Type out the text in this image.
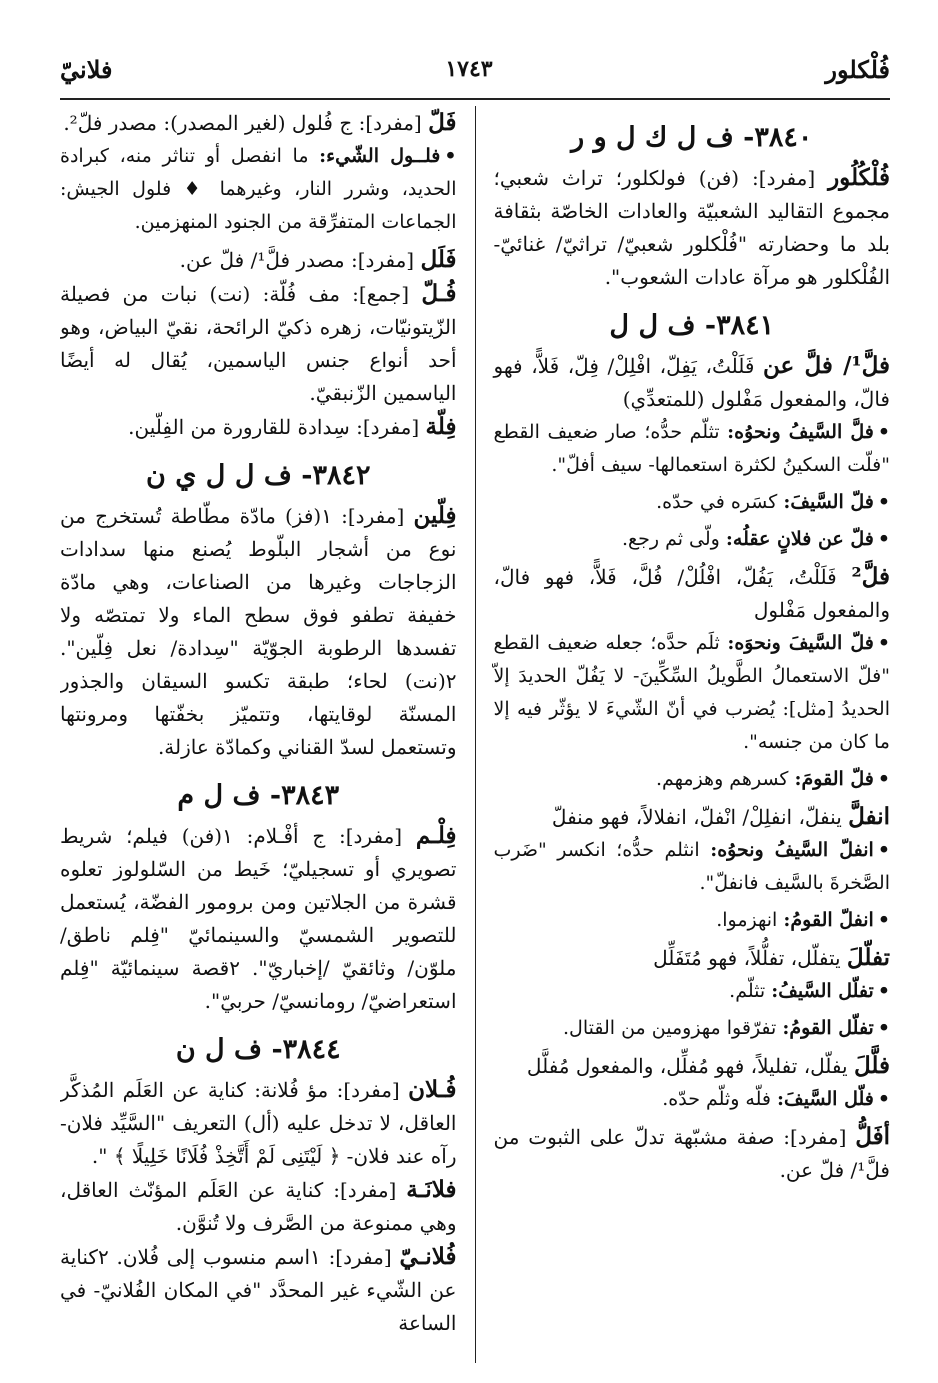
فُلْكلور
١٧٤٣
فلانيّ
٣٨٤٠- ف ل ك ل و ر

فُلْكُلُور [مفرد]: (فن) فولكلور؛ تراث شعبي؛ مجموع التقاليد الشعبيّة والعادات الخاصّة بثقافة بلد ما وحضارته "فُلْكلور شعبيّ/ تراثيّ/ غنائيّ- الفُلْكلور هو مرآة عادات الشعوب".

٣٨٤١- ف ل ل

فلَّ¹/ فلَّ عن فَلَلْتُ، يَفِلّ، افْلِلْ/ فِلّ، فَلاًّ، فهو فالّ، والمفعول مَفْلول (للمتعدِّي)

•فلَّ السَّيفُ ونحوُه: تثلّم حدُّه؛ صار ضعيف القطع "فلّت السكينُ لكثرة استعمالها- سيف أفلّ".

•فلّ السَّيفَ: كسَره في حدّه.

•فلّ عن فلانٍ عقلُه: ولّى ثم رجع.

فلَّ² فَلَلْتُ، يَفُلّ، افْلُلْ/ فُلَّ، فَلاًّ، فهو فالّ، والمفعول مَفْلول

•فلّ السَّيفَ ونحوَه: ثلَم حدَّه؛ جعله ضعيف القطع "فلّ الاستعمالُ الطَّويلُ السِّكِّينَ- لا يَفُلّ الحديدَ إلاّ الحديدُ [مثل]: يُضرب في أنّ الشّيءَ لا يؤثّر فيه إلا ما كان من جنسه".

•فلّ القومَ: كسرهم وهزمهم.

انفلَّ ينفلّ، انفلِلْ/ انْفلّ، انفلالاً، فهو منفلّ

•انفلّ السَّيفُ ونحوُه: انثلم حدُّه؛ انكسر "ضَرب الصَّخرةَ بالسَّيف فانفلّ".

•انفلّ القومُ: انهزموا.

تفلّلَ يتفلّل، تفلُّلاً، فهو مُتَفَلِّل

•تفلّل السَّيفُ: تثلّم.

•تفلّل القومُ: تفرّقوا مهزومين من القتال.

فلَّلَ يفلّل، تفليلاً، فهو مُفلِّل، والمفعول مُفلَّل

•فلّل السَّيفَ: فلّه وثلّم حدّه.

أفَلُّ [مفرد]: صفة مشبّهة تدلّ على الثبوت من فلَّ¹/ فلّ عن.

فَلّ [مفرد]: ج فُلول (لغير المصدر): مصدر فلّ².

•فلــول الشّيء: ما انفصل أو تناثر منه، كبرادة الحديد، وشرر النار، وغيرهما ♦ فلول الجيش: الجماعات المتفرِّقة من الجنود المنهزمين.

فَلَل [مفرد]: مصدر فلَّ¹/ فلّ عن.

فُـلّ [جمع]: مف فُلّة: (نت) نبات من فصيلة الزّيتونيّات، زهره ذكيّ الرائحة، نقيّ البياض، وهو أحد أنواع جنس الياسمين، يُقال له أيضًا الياسمين الزّنبقيّ.

فِلّة [مفرد]: سِدادة للقارورة من الفِلّين.

٣٨٤٢- ف ل ل ي ن

فِلّين [مفرد]: ١(فز) مادّة مطّاطة تُستخرج من نوع من أشجار البلّوط يُصنع منها سدادات الزجاجات وغيرها من الصناعات، وهي مادّة خفيفة تطفو فوق سطح الماء ولا تمتصّه ولا تفسدها الرطوبة الجوّيّة "سِدادة/ نعل فِلّين". ٢(نت) لحاء؛ طبقة تكسو السيقان والجذور المسنّة لوقايتها، وتتميّز بخفّتها ومرونتها وتستعمل لسدّ القناني وكمادّة عازلة.

٣٨٤٣- ف ل م

فِلْـم [مفرد]: ج أفْـلام: ١(فن) فيلم؛ شريط تصويري أو تسجيليّ؛ خَيط من السّلولوز تعلوه قشرة من الجلاتين ومن برومور الفضّة، يُستعمل للتصوير الشمسيّ والسينمائيّ "فِلم ناطق/ ملوّن/ وثائقيّ /إخباريّ". ٢قصة سينمائيّة "فِلم استعراضيّ/ رومانسيّ/ حربيّ".

٣٨٤٤- ف ل ن

فُـلان [مفرد]: مؤ فُلانة: كناية عن العَلَم المُذكَّر العاقل، لا تدخل عليه (أل) التعريف "السَّيِّد فلان- رآه عند فلان- ﴿ لَيْتَنِى لَمْ أَتَّخِذْ فُلَانًا خَلِيلًا ﴾ ".

فلانَـة [مفرد]: كناية عن العَلَم المؤنّث العاقل، وهي ممنوعة من الصَّرف ولا تُنوَّن.

فُلانـيّ [مفرد]: ١اسم منسوب إلى فُلان. ٢كناية عن الشّيء غير المحدَّد "في المكان الفُلانيّ- في الساعة
